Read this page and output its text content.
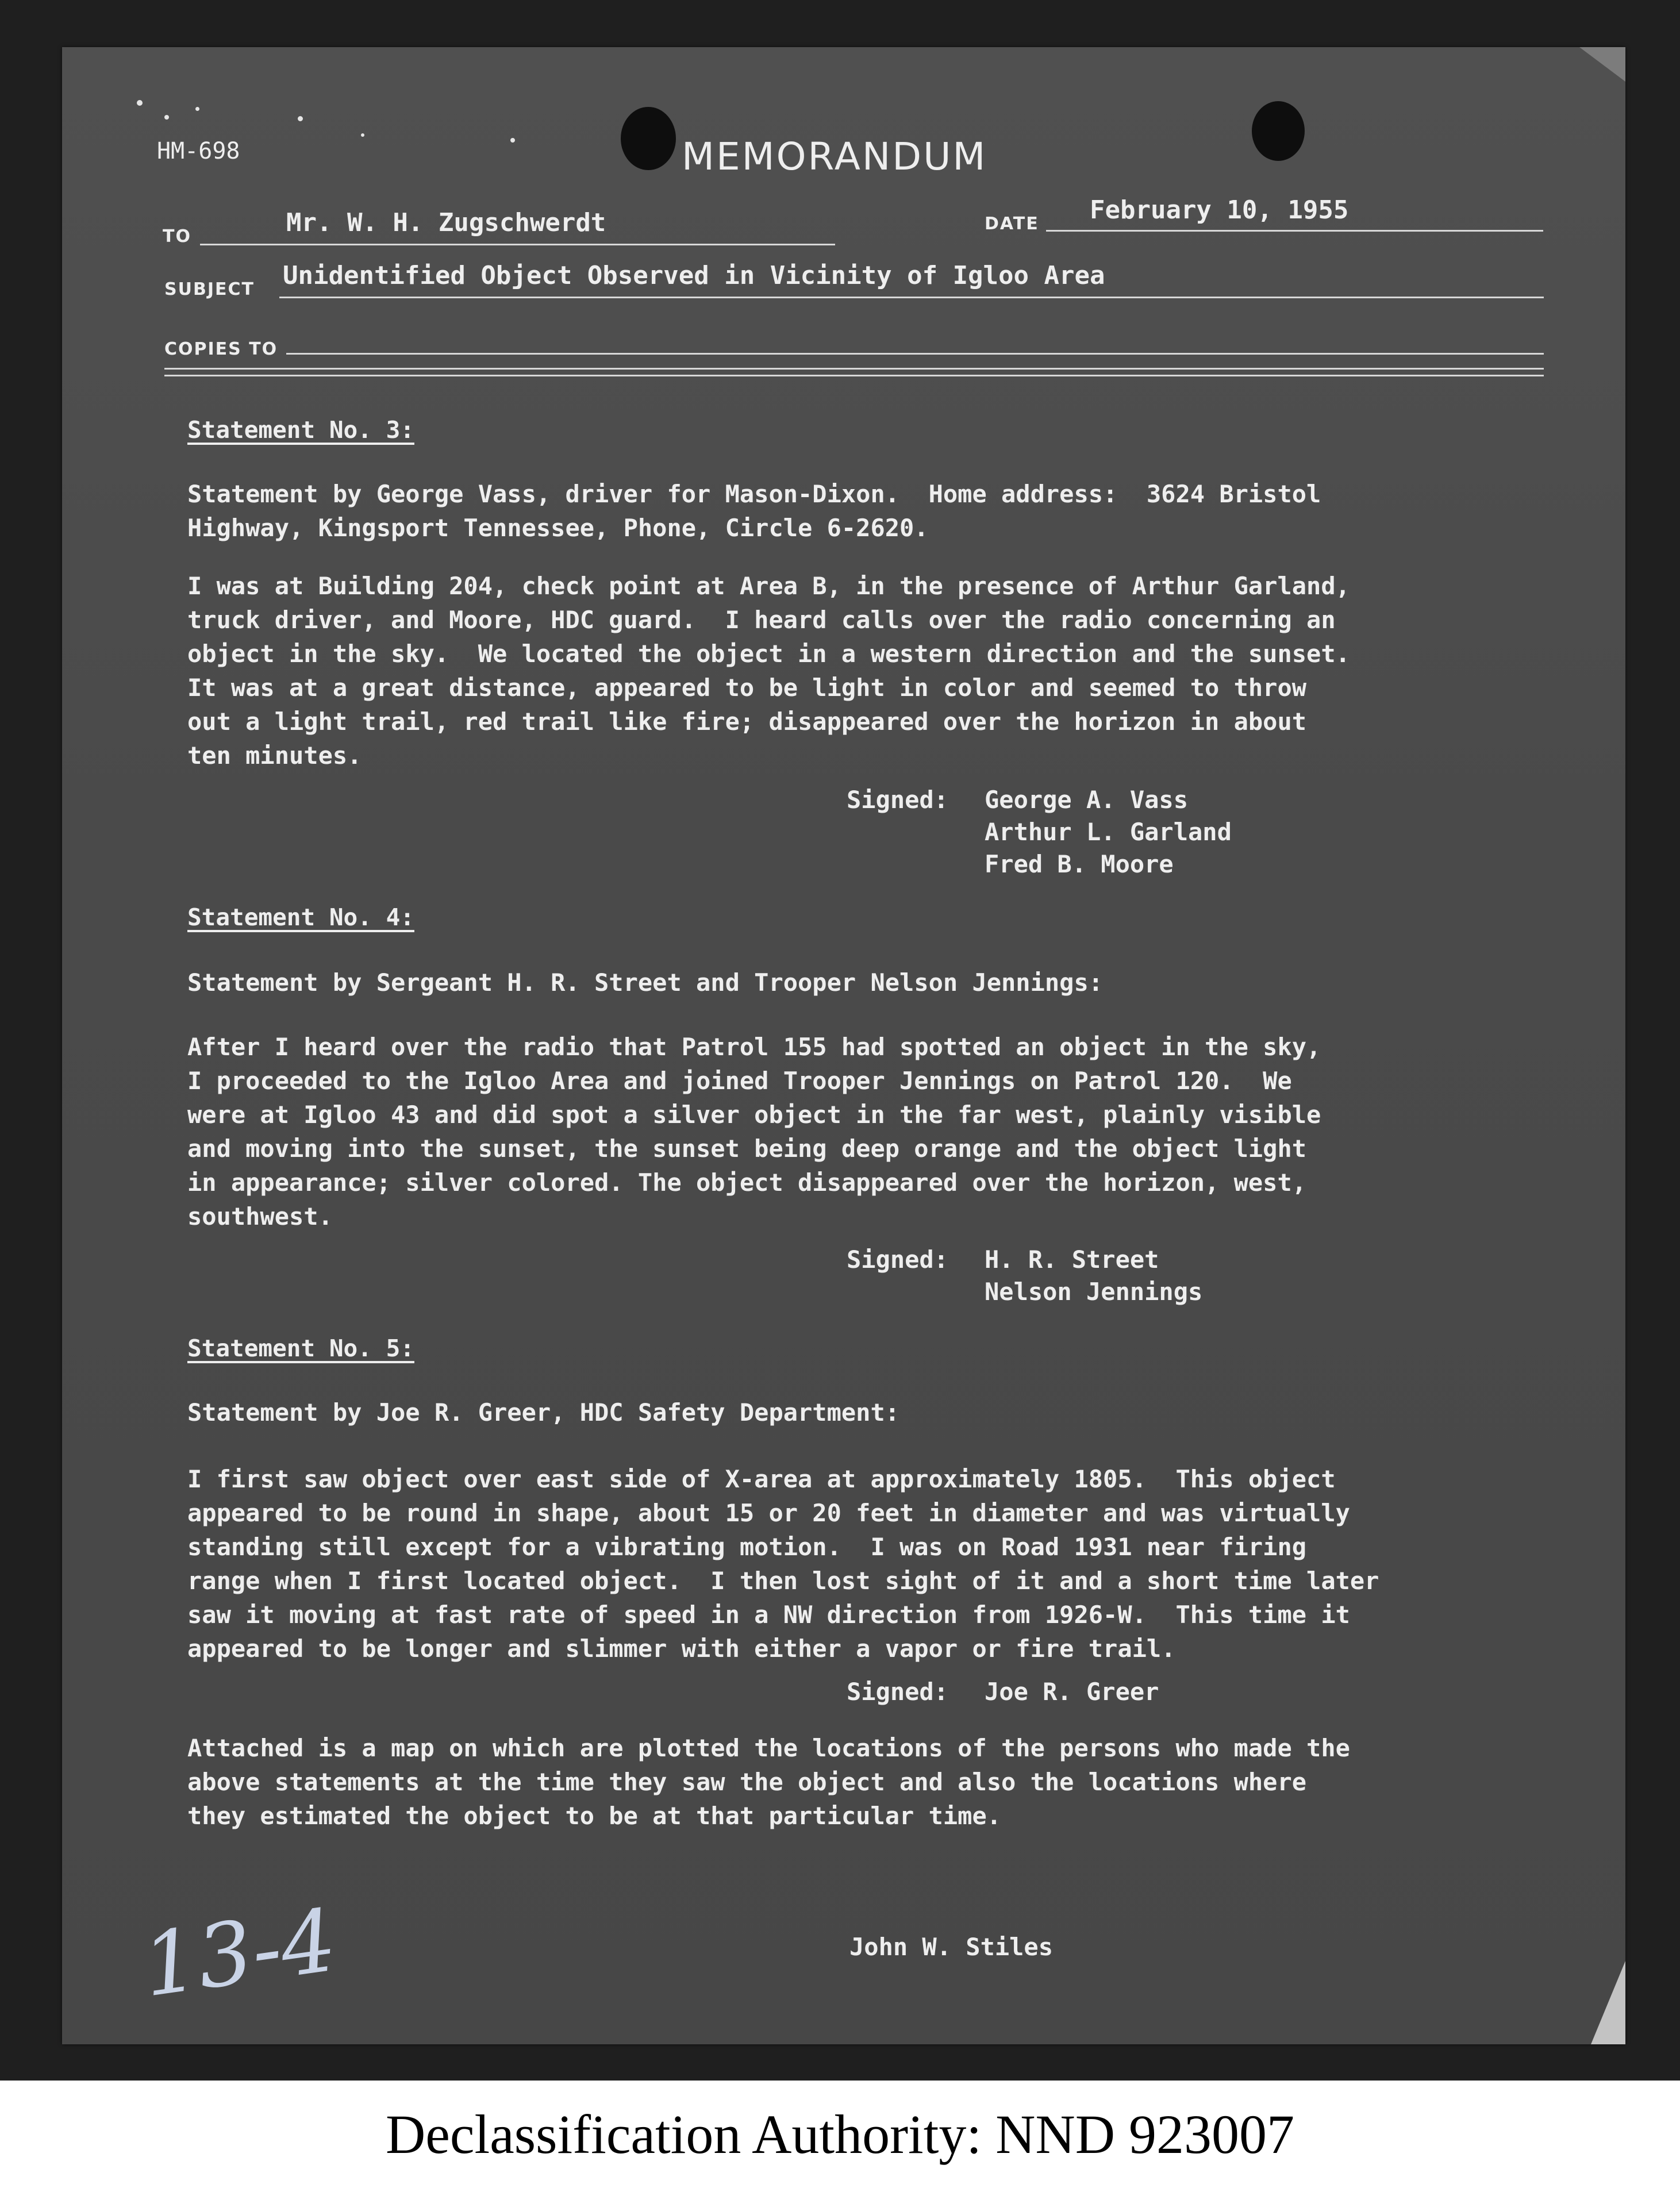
HM-698	MEMORANDUM
TO	Mr. W. H. Zugschwerdt	DATE February 10, 1955
SUBJECT Unidentified Object Observed in Vicinity of Igloo Area
COPIES TO
Statement No. 3:
Statement by George Vass, driver for Mason-Dixon.  Home address:  3624 Bristol
Highway, Kingsport Tennessee, Phone, Circle 6-2620.
I was at Building 204, check point at Area B, in the presence of Arthur Garland,
truck driver, and Moore, HDC guard.  I heard calls over the radio concerning an
object in the sky.  We located the object in a western direction and the sunset.
It was at a great distance, appeared to be light in color and seemed to throw
out a light trail, red trail like fire; disappeared over the horizon in about
ten minutes.
Signed: George A. Vass
Arthur L. Garland
Fred B. Moore
Statement No. 4:
Statement by Sergeant H. R. Street and Trooper Nelson Jennings:
After I heard over the radio that Patrol 155 had spotted an object in the sky,
I proceeded to the Igloo Area and joined Trooper Jennings on Patrol 120.  We
were at Igloo 43 and did spot a silver object in the far west, plainly visible
and moving into the sunset, the sunset being deep orange and the object light
in appearance; silver colored. The object disappeared over the horizon, west,
southwest.
Signed: H. R. Street
Nelson Jennings
Statement No. 5:
Statement by Joe R. Greer, HDC Safety Department:
I first saw object over east side of X-area at approximately 1805.  This object
appeared to be round in shape, about 15 or 20 feet in diameter and was virtually
standing still except for a vibrating motion.  I was on Road 1931 near firing
range when I first located object.  I then lost sight of it and a short time later
saw it moving at fast rate of speed in a NW direction from 1926-W.  This time it
appeared to be longer and slimmer with either a vapor or fire trail.
Signed: Joe R. Greer
Attached is a map on which are plotted the locations of the persons who made the
above statements at the time they saw the object and also the locations where
they estimated the object to be at that particular time.
John W. Stiles
13-4
Declassification Authority: NND 923007
